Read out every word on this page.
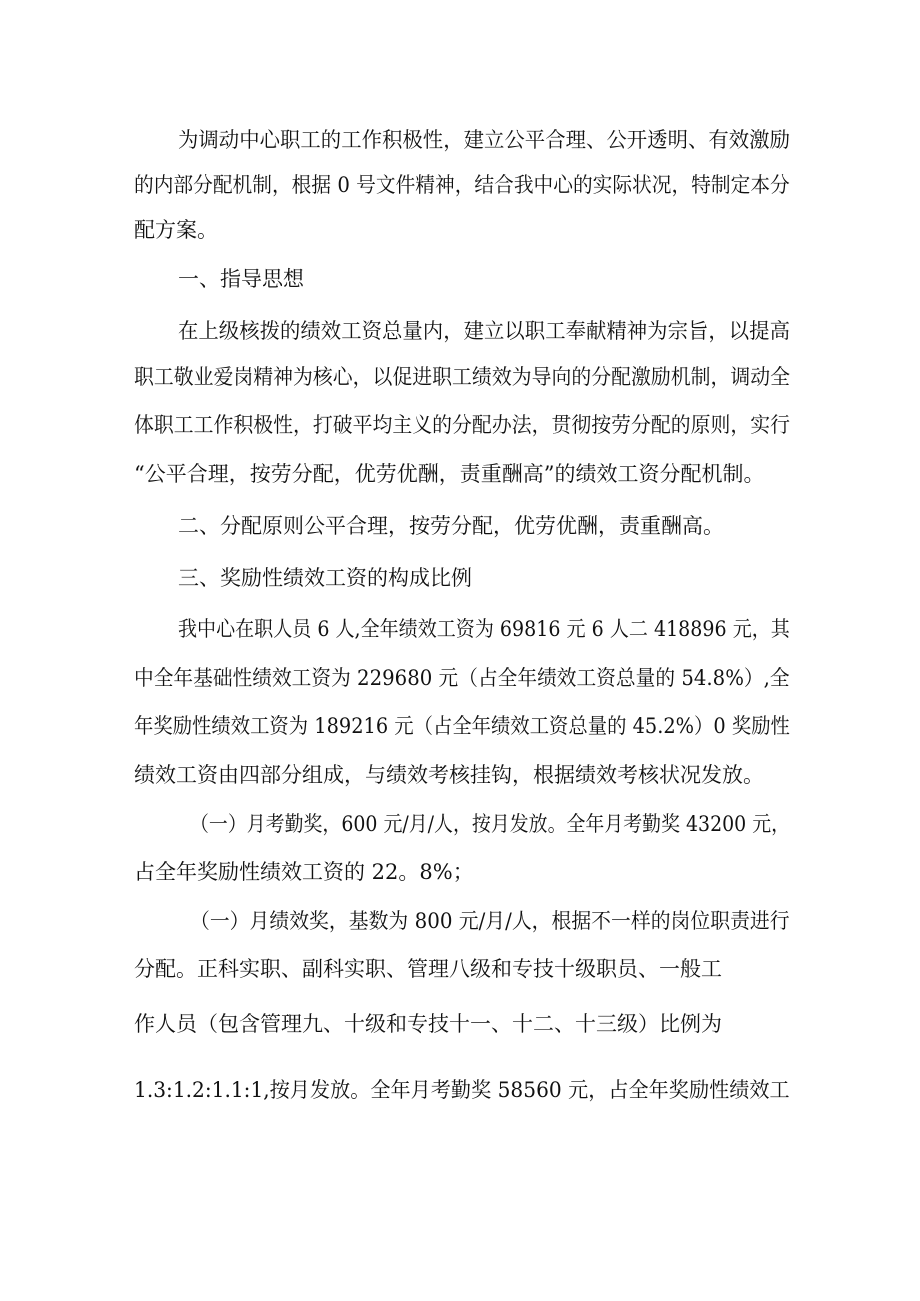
为调动中心职工的工作积极性，建立公平合理、公开透明、有效激励
的内部分配机制，根据 0 号文件精神，结合我中心的实际状况，特制定本分
配方案。
一、指导思想
在上级核拨的绩效工资总量内，建立以职工奉献精神为宗旨，以提高
职工敬业爱岗精神为核心，以促进职工绩效为导向的分配激励机制，调动全
体职工工作积极性，打破平均主义的分配办法，贯彻按劳分配的原则，实行
“公平合理，按劳分配，优劳优酬，责重酬高”的绩效工资分配机制。
二、分配原则公平合理，按劳分配，优劳优酬，责重酬高。
三、奖励性绩效工资的构成比例
我中心在职人员 6 人,全年绩效工资为 69816 元 6 人二 418896 元，其
中全年基础性绩效工资为 229680 元（占全年绩效工资总量的 54.8%）,全
年奖励性绩效工资为 189216 元（占全年绩效工资总量的 45.2%）0 奖励性
绩效工资由四部分组成，与绩效考核挂钩，根据绩效考核状况发放。
（一）月考勤奖，600 元/月/人，按月发放。全年月考勤奖 43200 元，
占全年奖励性绩效工资的 22。8%；
（一）月绩效奖，基数为 800 元/月/人，根据不一样的岗位职责进行
分配。正科实职、副科实职、管理八级和专技十级职员、一般工
作人员（包含管理九、十级和专技十一、十二、十三级）比例为
1.3:1.2:1.1:1,按月发放。全年月考勤奖 58560 元，占全年奖励性绩效工
